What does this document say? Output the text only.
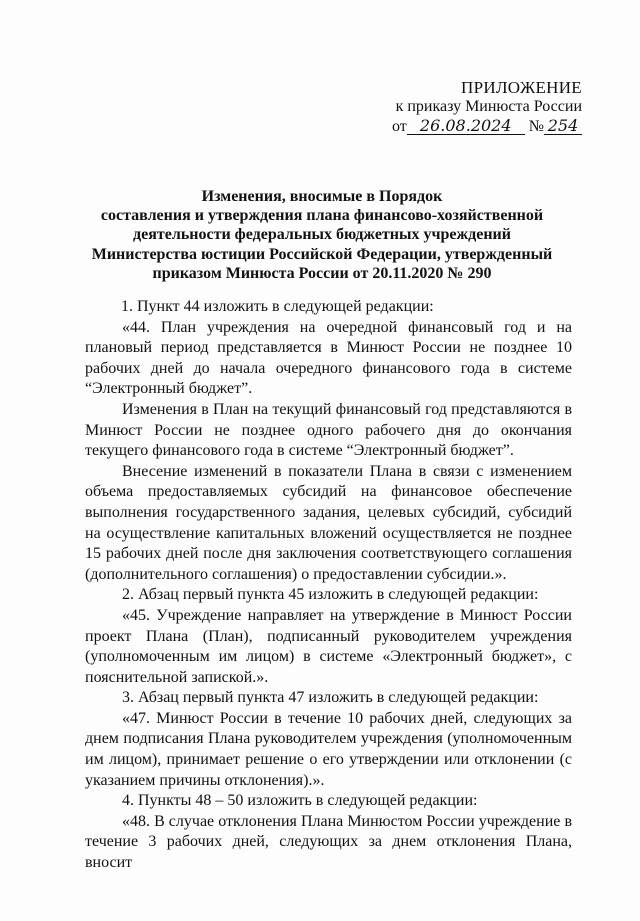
ПРИЛОЖЕНИЕ
к приказу Минюста России
от 26.08.2024 № 254
Изменения, вносимые в Порядок
составления и утверждения плана финансово-хозяйственной
деятельности федеральных бюджетных учреждений
Министерства юстиции Российской Федерации, утвержденный
приказом Минюста России от 20.11.2020 № 290

1. Пункт 44 изложить в следующей редакции:

«44. План учреждения на очередной финансовый год и на плановый период представляется в Минюст России не позднее 10 рабочих дней до начала очередного финансового года в системе “Электронный бюджет”.

Изменения в План на текущий финансовый год представляются в Минюст России не позднее одного рабочего дня до окончания текущего финансового года в системе “Электронный бюджет”.

Внесение изменений в показатели Плана в связи с изменением объема предоставляемых субсидий на финансовое обеспечение выполнения государственного задания, целевых субсидий, субсидий на осуществление капитальных вложений осуществляется не позднее 15 рабочих дней после дня заключения соответствующего соглашения (дополнительного соглашения) о предоставлении субсидии.».

2. Абзац первый пункта 45 изложить в следующей редакции:

«45. Учреждение направляет на утверждение в Минюст России проект Плана (План), подписанный руководителем учреждения (уполномоченным им лицом) в системе «Электронный бюджет», с пояснительной запиской.».

3. Абзац первый пункта 47 изложить в следующей редакции:

«47. Минюст России в течение 10 рабочих дней, следующих за днем подписания Плана руководителем учреждения (уполномоченным им лицом), принимает решение о его утверждении или отклонении (с указанием причины отклонения).».

4. Пункты 48 – 50 изложить в следующей редакции:

«48. В случае отклонения Плана Минюстом России учреждение в течение 3 рабочих дней, следующих за днем отклонения Плана, вносит
